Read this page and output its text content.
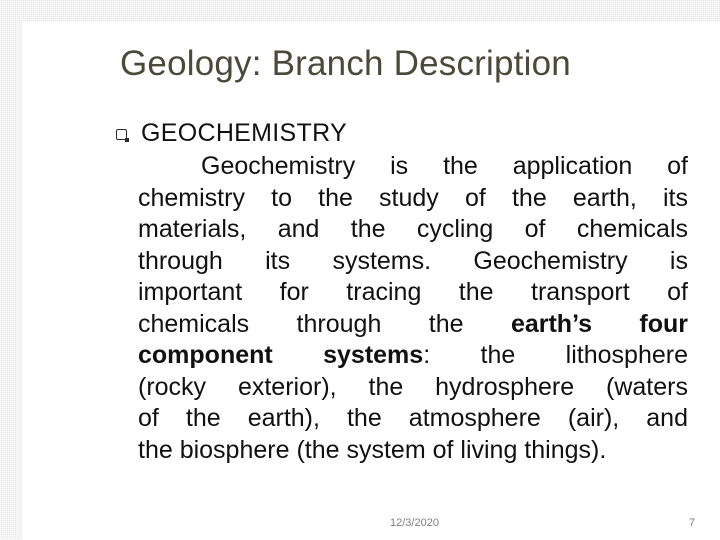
Geology: Branch Description
GEOCHEMISTRY

Geochemistry is the application of
chemistry to the study of the earth, its
materials, and the cycling of chemicals
through its systems. Geochemistry is
important for tracing the transport of
chemicals through the earth’s four
component systems: the lithosphere
(rocky exterior), the hydrosphere (waters
of the earth), the atmosphere (air), and
the biosphere (the system of living things).

12/3/2020	7
